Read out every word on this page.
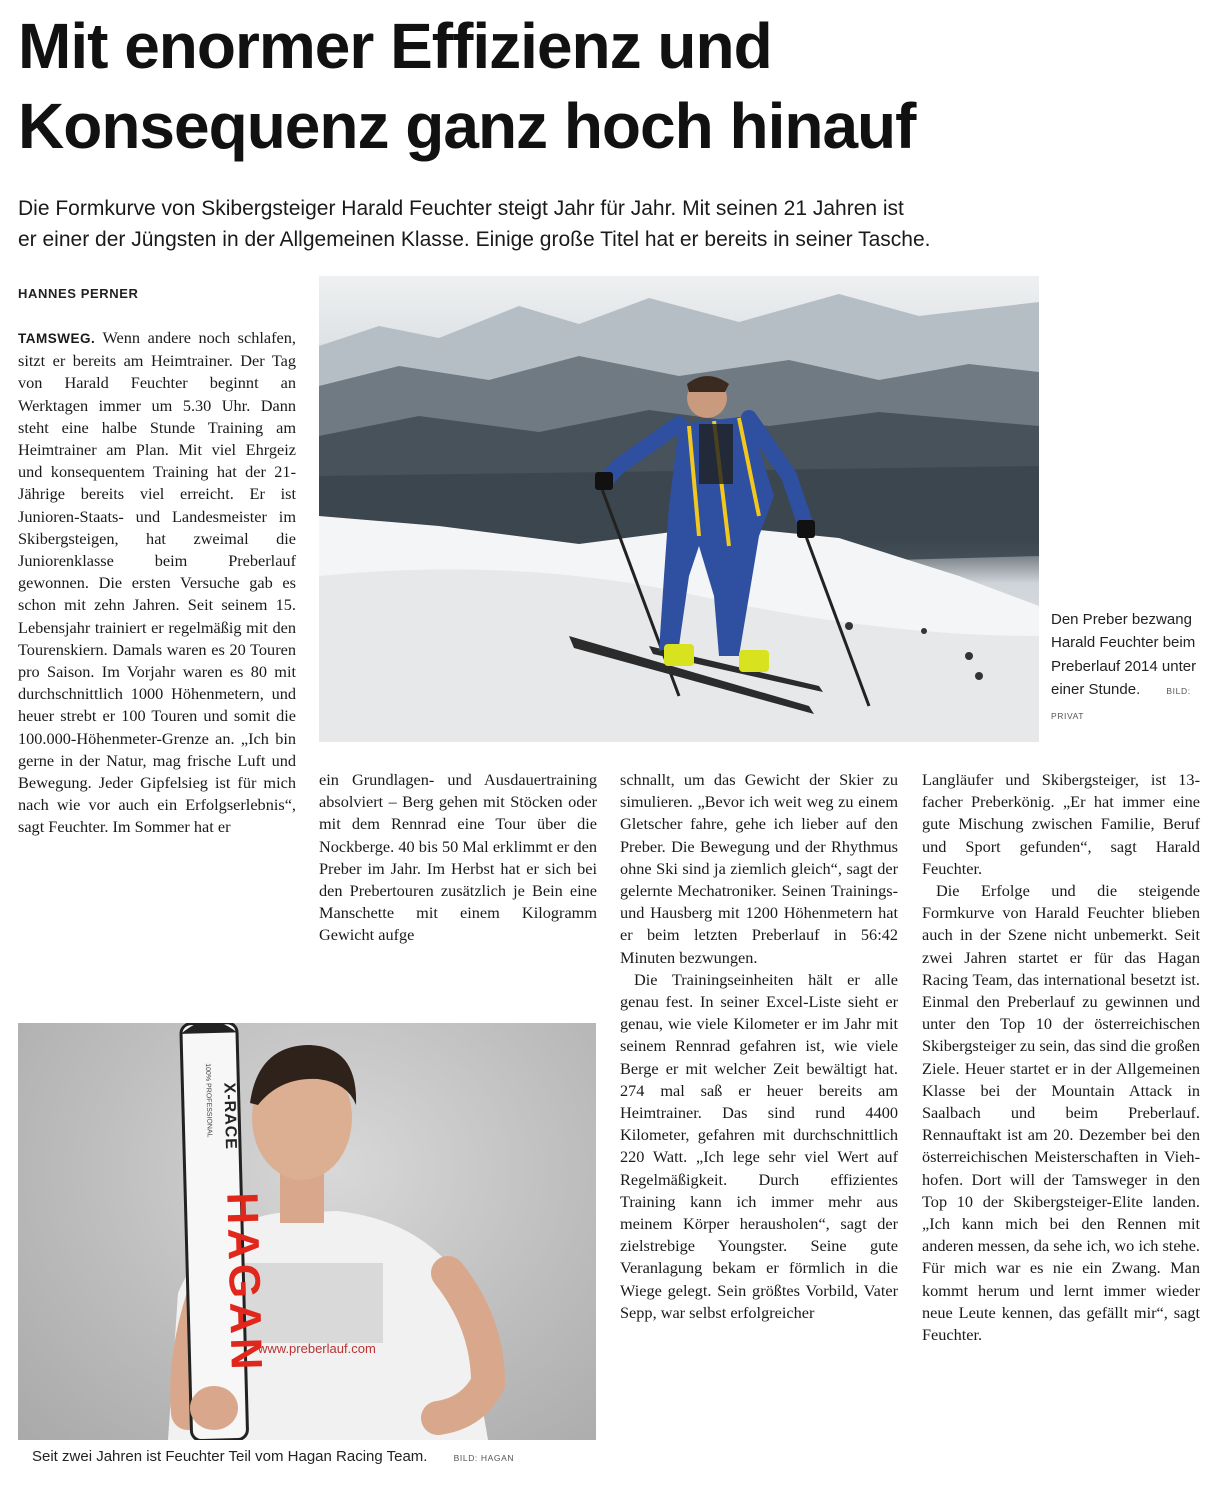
Mit enormer Effizienz und
Konsequenz ganz hoch hinauf

Die Formkurve von Skibergsteiger Harald Feuchter steigt Jahr für Jahr. Mit seinen 21 Jahren ist
er einer der Jüngsten in der Allgemeinen Klasse. Einige große Titel hat er bereits in seiner Tasche.

HANNES PERNER

TAMSWEG. Wenn andere noch schlafen, sitzt er bereits am Heimtrainer. Der Tag von Harald Feuchter beginnt an Werktagen immer um 5.30 Uhr. Dann steht eine halbe Stunde Training am Heimtrainer am Plan. Mit viel Ehrgeiz und konsequentem Training hat der 21-Jährige bereits viel erreicht. Er ist Junioren-Staats- und Landesmeister im Skibergsteigen, hat zweimal die Juniorenklasse beim Preberlauf gewonnen. Die ersten Versuche gab es schon mit zehn Jahren. Seit seinem 15. Lebensjahr trainiert er regelmäßig mit den Tourenskiern. Damals waren es 20 Touren pro Saison. Im Vorjahr waren es 80 mit durchschnittlich 1000 Höhenmetern, und heuer strebt er 100 Touren und somit die 100.000-Höhenmeter-Grenze an. „Ich bin gerne in der Natur, mag frische Luft und Bewegung. Jeder Gipfelsieg ist für mich nach wie vor auch ein Erfolgserlebnis“, sagt Feuchter. Im Sommer hat er

ein Grundlagen- und Ausdauertraining absolviert – Berg gehen mit Stöcken oder mit dem Rennrad eine Tour über die Nockberge. 40 bis 50 Mal erklimmt er den Preber im Jahr. Im Herbst hat er sich bei den Prebertouren zusätzlich je Bein eine Manschette mit einem Kilogramm Gewicht aufge

schnallt, um das Gewicht der Skier zu simulieren. „Bevor ich weit weg zu einem Gletscher fahre, gehe ich lieber auf den Preber. Die Bewegung und der Rhythmus ohne Ski sind ja ziemlich gleich“, sagt der gelernte Mechatroniker. Seinen Trainings- und Hausberg mit 1200 Höhenmetern hat er beim letzten Preberlauf in 56:42 Minuten bezwungen.

Die Trainingseinheiten hält er alle genau fest. In seiner Excel-Liste sieht er genau, wie viele Kilometer er im Jahr mit seinem Rennrad gefahren ist, wie viele Berge er mit welcher Zeit bewältigt hat. 274 mal saß er heuer bereits am Heimtrainer. Das sind rund 4400 Kilometer, gefahren mit durchschnittlich 220 Watt. „Ich lege sehr viel Wert auf Regelmäßigkeit. Durch effizientes Training kann ich immer mehr aus meinem Körper heraushоlen“, sagt der zielstrebige Youngster. Seine gute Veranlagung bekam er förmlich in die Wiege gelegt. Sein größtes Vorbild, Vater Sepp, war selbst erfolgreicher

Langläufer und Skibergsteiger, ist 13-facher Preberkönig. „Er hat immer eine gute Mischung zwischen Familie, Beruf und Sport gefunden“, sagt Harald Feuchter.

Die Erfolge und die steigende Formkurve von Harald Feuchter blieben auch in der Szene nicht unbemerkt. Seit zwei Jahren startet er für das Hagan Racing Team, das international besetzt ist. Einmal den Preberlauf zu gewinnen und unter den Top 10 der österreichischen Skibergsteiger zu sein, das sind die großen Ziele. Heuer startet er in der Allgemeinen Klasse bei der Mountain Attack in Saalbach und beim Preberlauf. Rennauftakt ist am 20. Dezember bei den österreichischen Meisterschaften in Viehhofen. Dort will der Tamsweger in den Top 10 der Skibergsteiger-Elite landen. „Ich kann mich bei den Rennen mit anderen messen, da sehe ich, wo ich stehe. Für mich war es nie ein Zwang. Man kommt herum und lernt immer wieder neue Leute kennen, das gefällt mir“, sagt Feuchter.

Den Preber bezwang Harald Feuchter beim Preberlauf 2014 unter einer Stunde.	BILD: PRIVAT
www.preberlauf.com
X-RACE
100% PROFESSIONAL
HAGAN
Seit zwei Jahren ist Feuchter Teil vom Hagan Racing Team.	BILD: HAGAN
